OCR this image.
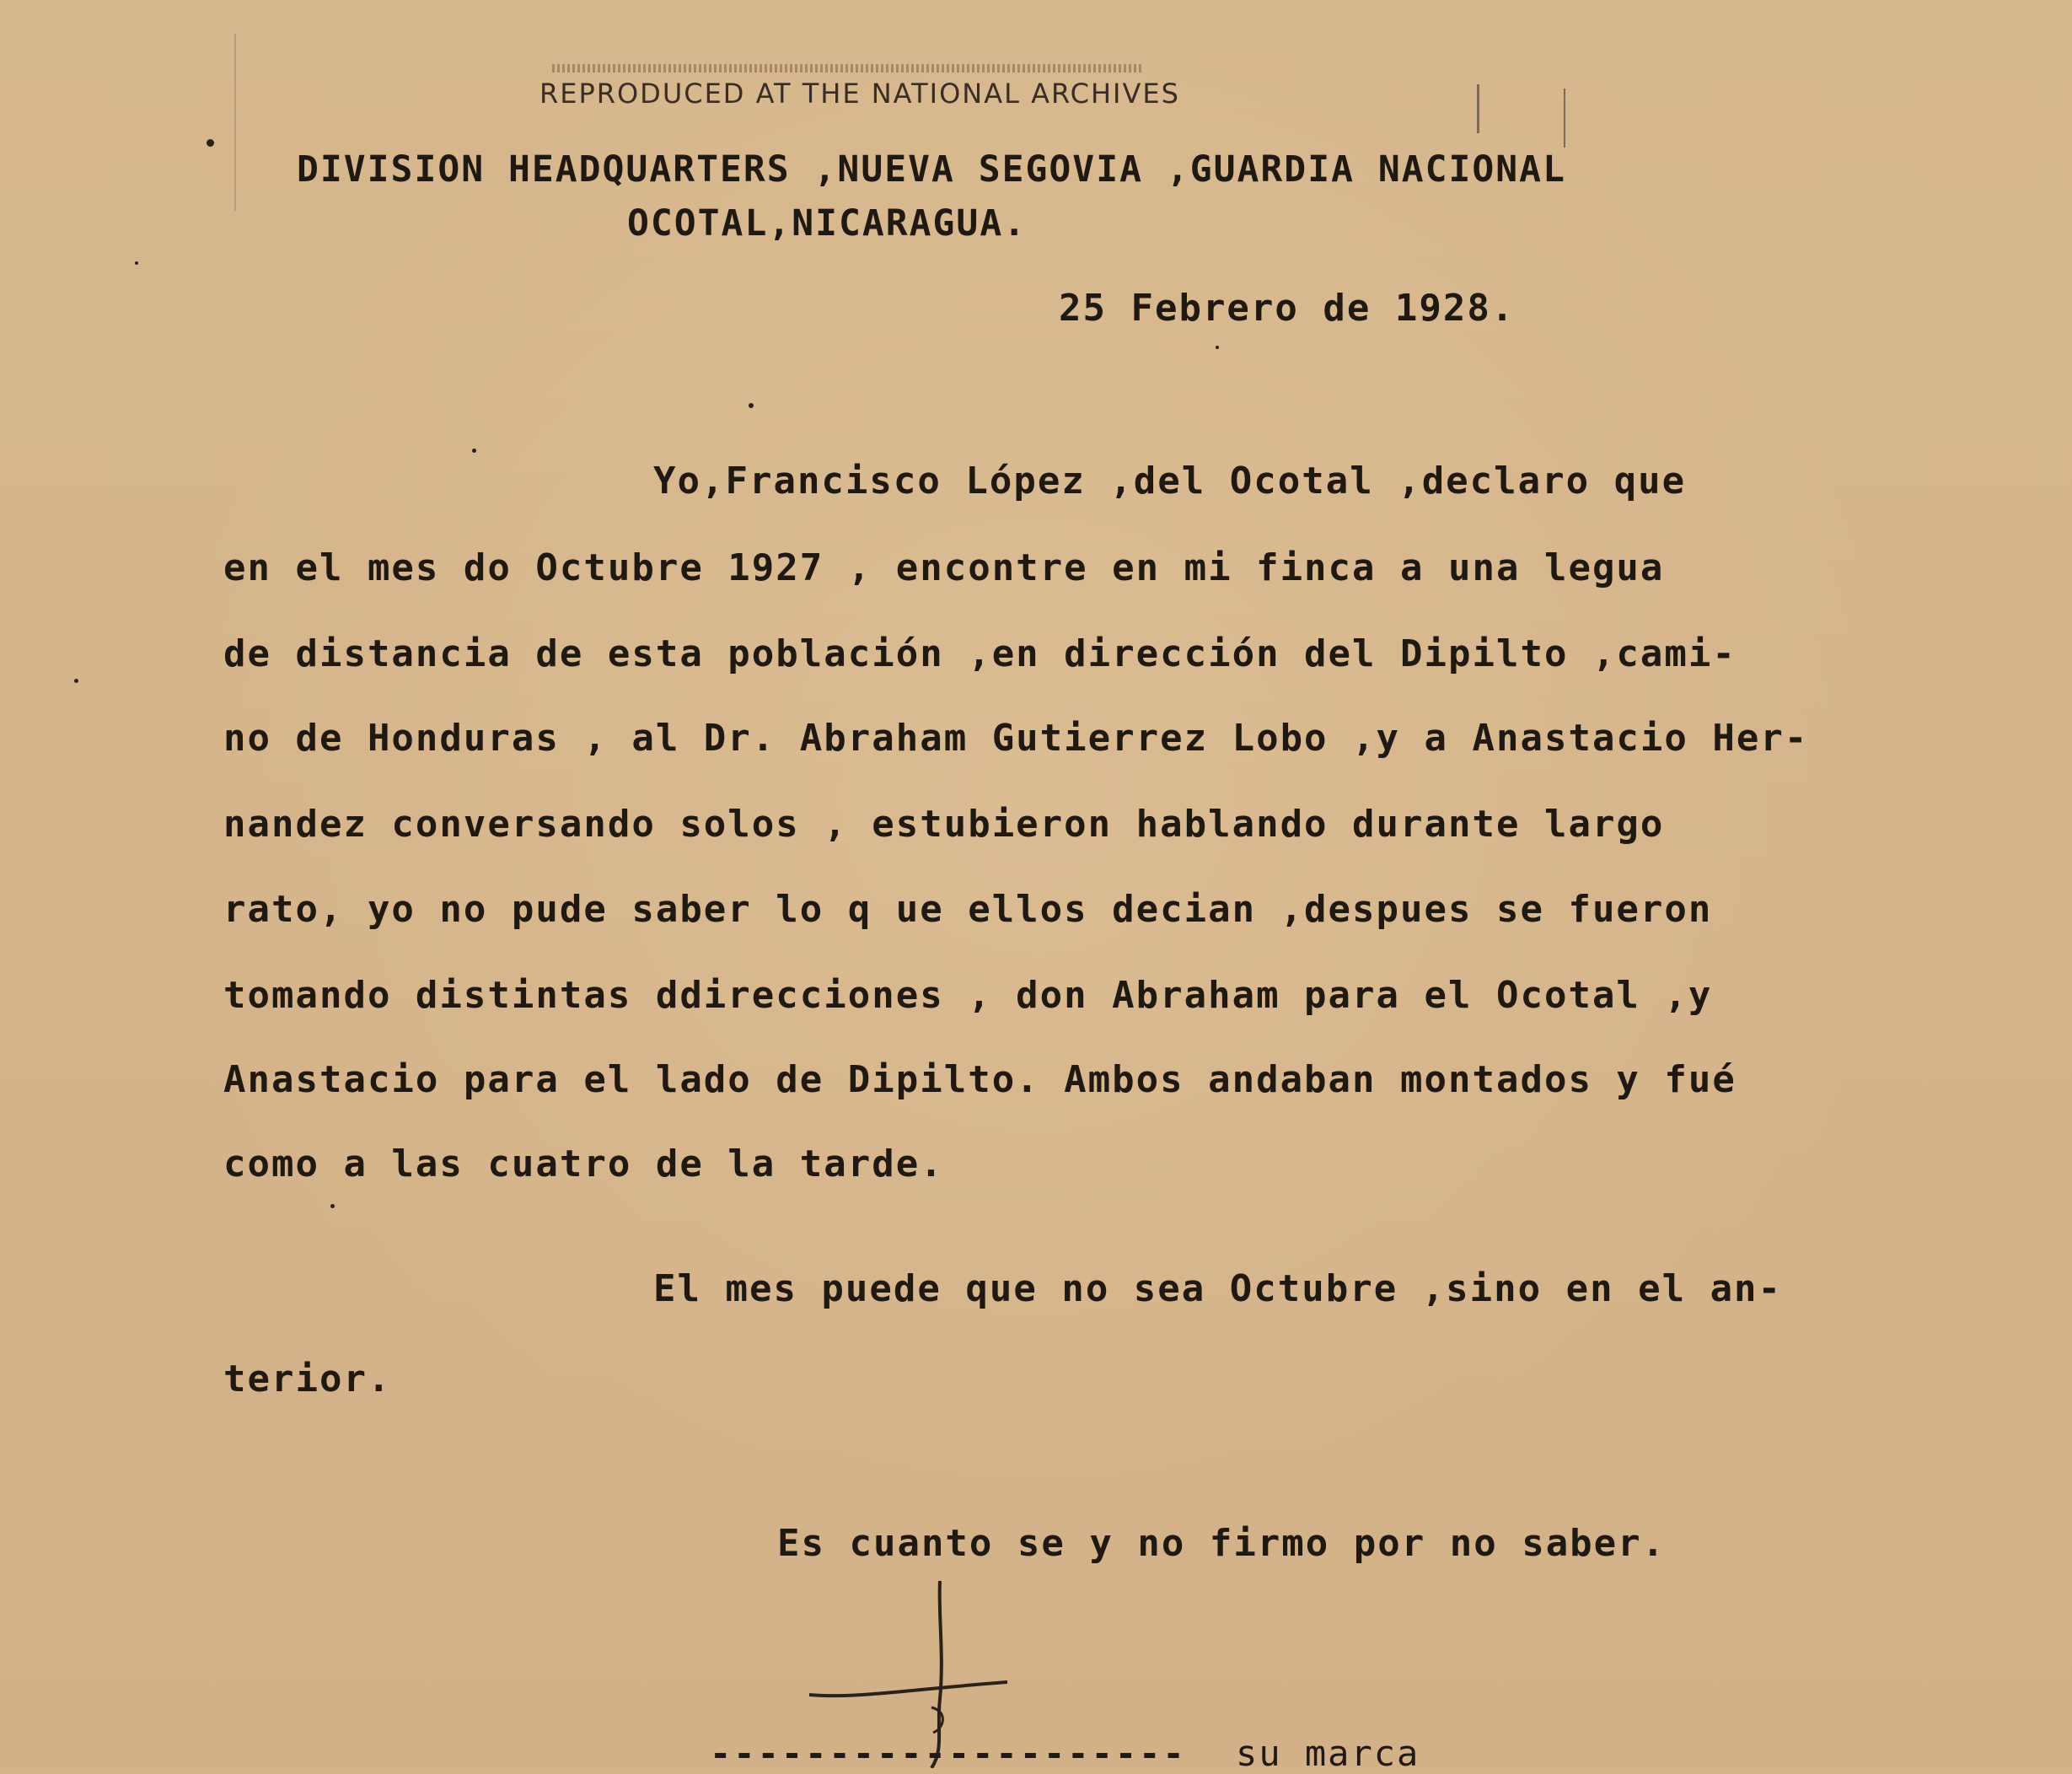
REPRODUCED AT THE NATIONAL ARCHIVES
DIVISION HEADQUARTERS ,NUEVA SEGOVIA ,GUARDIA NACIONAL
OCOTAL,NICARAGUA.
25 Febrero de 1928.
Yo,Francisco López ,del Ocotal ,declaro que
en el mes do Octubre 1927 , encontre en mi finca a una legua
de distancia de esta población ,en dirección del Dipilto ,cami-
no de Honduras , al Dr. Abraham Gutierrez Lobo ,y a Anastacio Her-
nandez conversando solos , estubieron hablando durante largo
rato, yo no pude saber lo q ue ellos decian ,despues se fueron
tomando distintas ddirecciones , don Abraham para el Ocotal ,y
Anastacio para el lado de Dipilto. Ambos andaban montados y fué
como a las cuatro de la tarde.
El mes puede que no sea Octubre ,sino en el an-
terior.
Es cuanto se y no firmo por no saber.
-------------------- su marca
